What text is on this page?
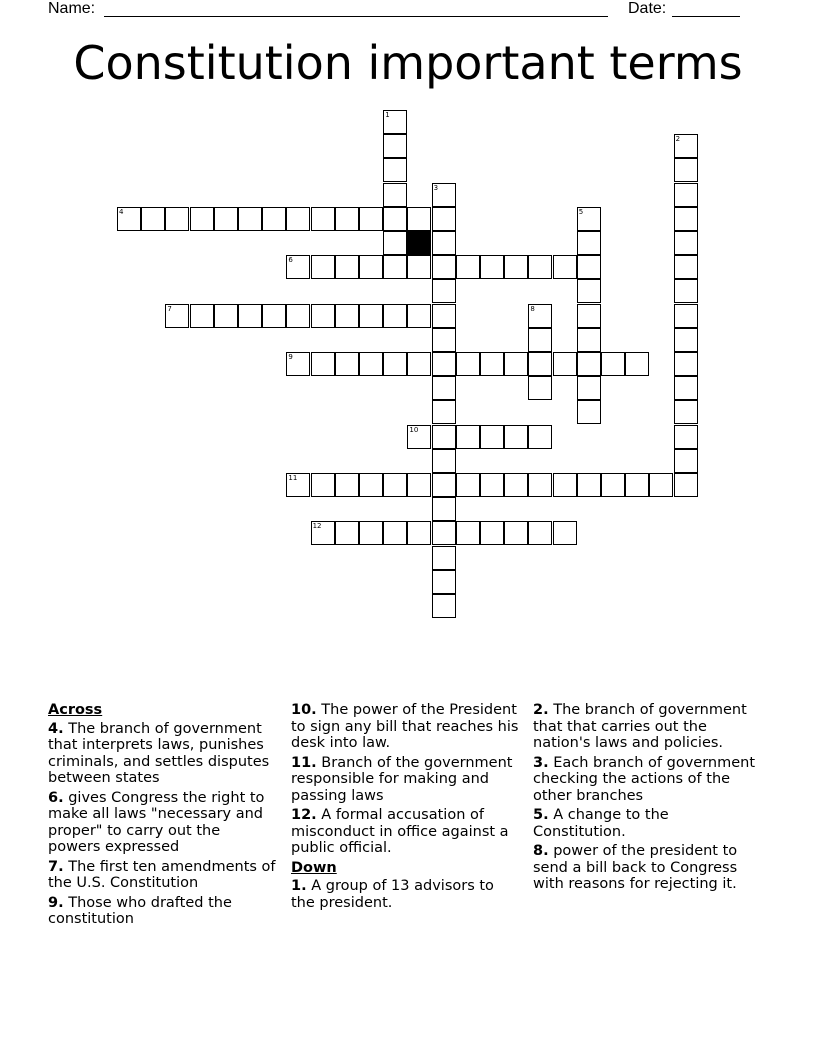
Name:	Date:
Constitution important terms
4
6
7
9
10
11
12
1
2
3
5
8
Across
4. The branch of government that interprets laws, punishes criminals, and settles disputes between states
6. gives Congress the right to make all laws "necessary and proper" to carry out the powers expressed
7. The first ten amendments of the U.S. Constitution
9. Those who drafted the constitution
10. The power of the President to sign any bill that reaches his desk into law.
11. Branch of the government responsible for making and passing laws
12. A formal accusation of misconduct in office against a public official.
Down
1. A group of 13 advisors to the president.
2. The branch of government that that carries out the nation's laws and policies.
3. Each branch of government checking the actions of the other branches
5. A change to the Constitution.
8. power of the president to send a bill back to Congress with reasons for rejecting it.
